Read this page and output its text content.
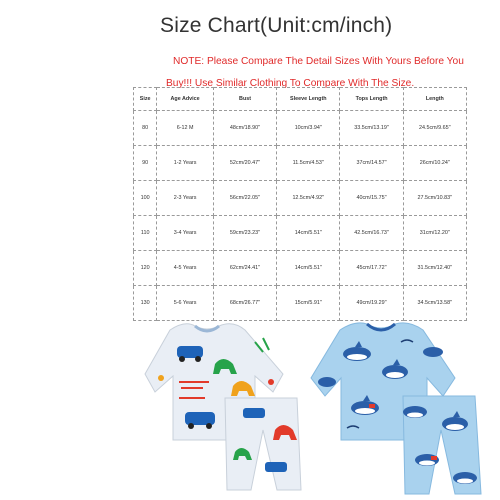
Size Chart(Unit:cm/inch)
NOTE: Please Compare The Detail Sizes With Yours Before You
Buy!!! Use Similar Clothing To Compare With The Size.
Size	Age Advice	Bust	Sleeve Length	Tops Length	Length
80	6-12 M	48cm/18.90''	10cm/3.94''	33.5cm/13.19''	24.5cm/9.65''
90	1-2 Years	52cm/20.47''	11.5cm/4.53''	37cm/14.57''	26cm/10.24''
100	2-3 Years	56cm/22.05''	12.5cm/4.92''	40cm/15.75''	27.5cm/10.83''
110	3-4 Years	59cm/23.23''	14cm/5.51''	42.5cm/16.73''	31cm/12.20''
120	4-5 Years	62cm/24.41''	14cm/5.51''	45cm/17.72''	31.5cm/12.40''
130	5-6 Years	68cm/26.77''	15cm/5.91''	49cm/19.29''	34.5cm/13.58''
